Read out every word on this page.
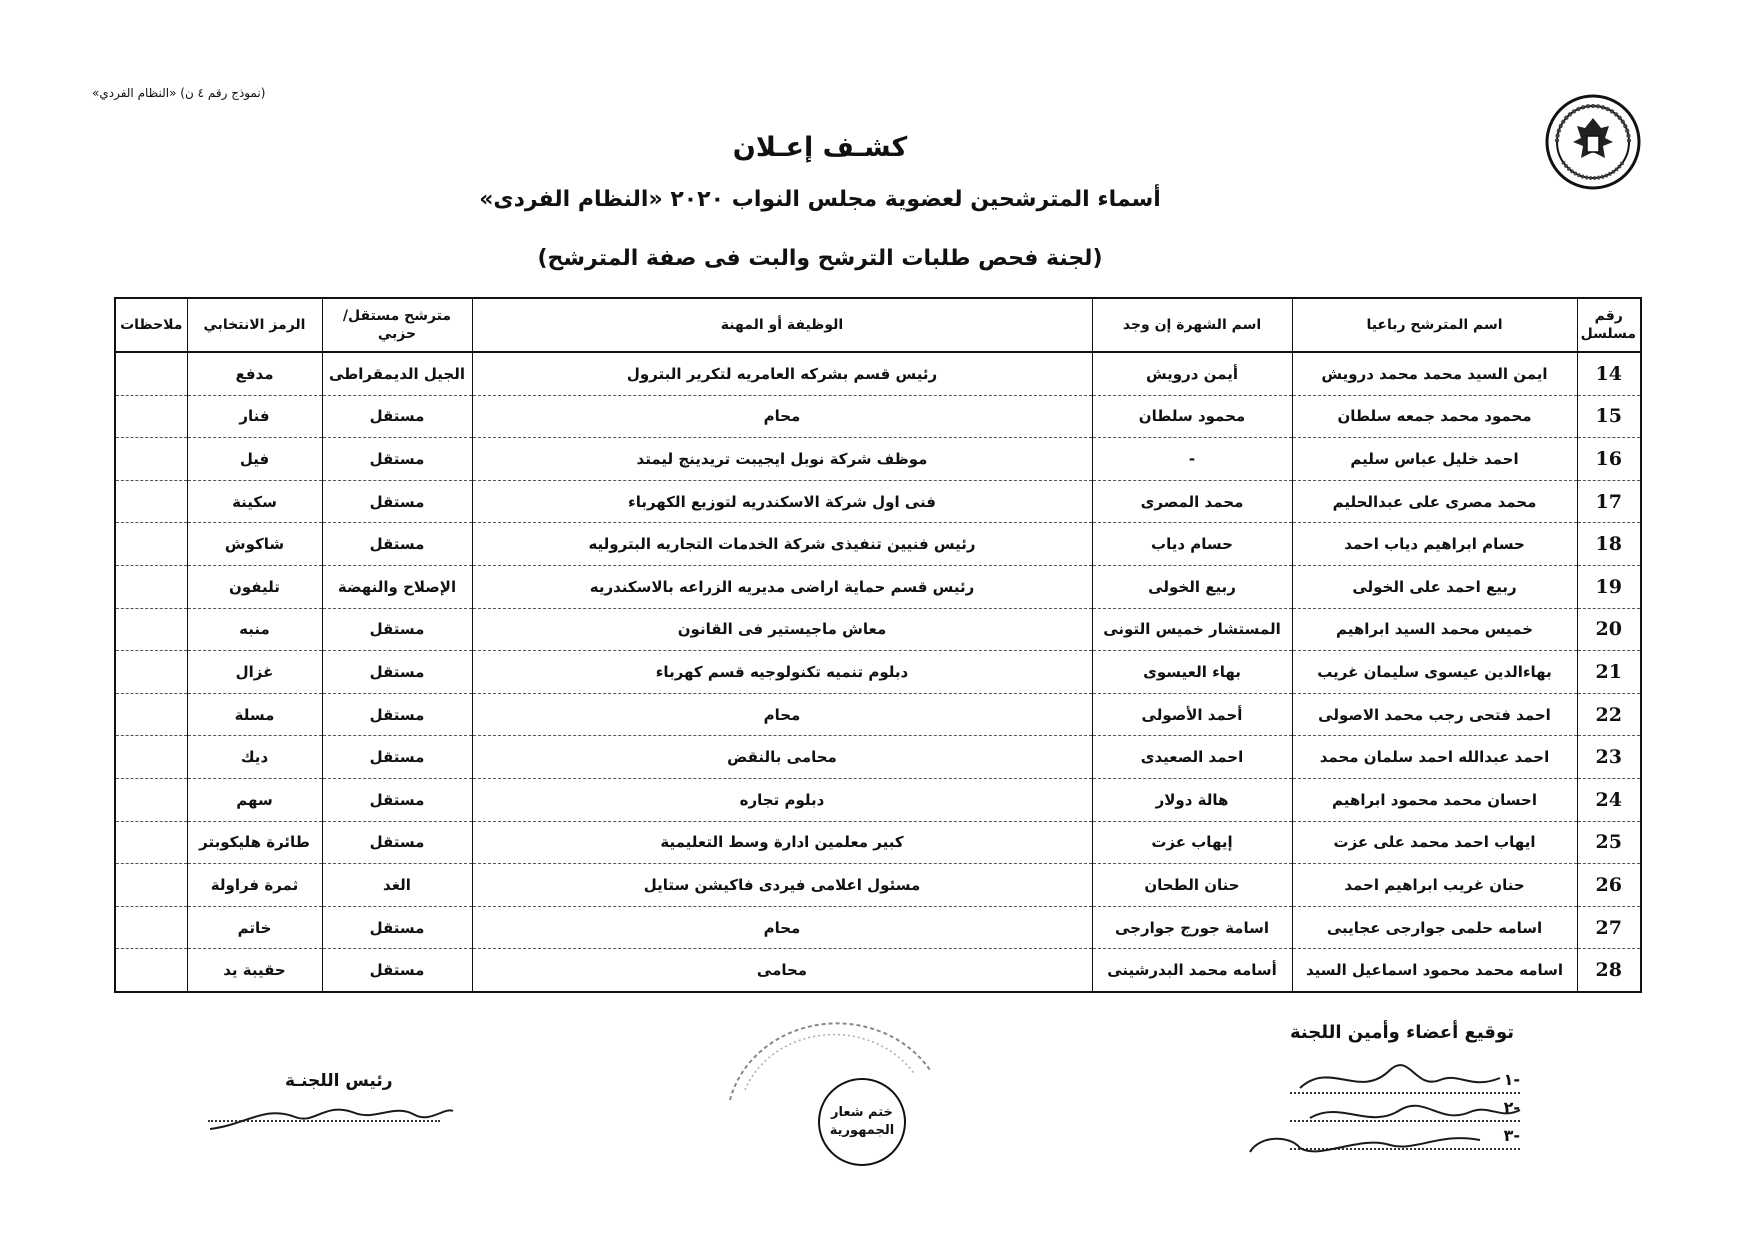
(نموذج رقم ٤ ن) «النظام الفردي»
كشـف إعـلان
أسماء المترشحين لعضوية مجلس النواب ٢٠٢٠ «النظام الفردى»
(لجنة فحص طلبات الترشح والبت فى صفة المترشح)
رقم مسلسل	اسم المترشح رباعيا	اسم الشهرة إن وجد	الوظيفة أو المهنة	مترشح مستقل/حزبي	الرمز الانتخابي	ملاحظات
14	ايمن السيد محمد محمد درويش	أيمن درويش	رئيس قسم بشركه العامريه لتكرير البترول	الجيل الديمقراطى	مدفع	
15	محمود محمد جمعه سلطان	محمود سلطان	محام	مستقل	فنار	
16	احمد خليل عباس سليم	-	موظف شركة نوبل ايجيبت تريدينج ليمتد	مستقل	فيل	
17	محمد مصرى على عبدالحليم	محمد المصرى	فنى اول شركة الاسكندريه لتوزيع الكهرباء	مستقل	سكينة	
18	حسام ابراهيم دياب احمد	حسام دياب	رئيس فنيين تنفيذى شركة الخدمات التجاريه البتروليه	مستقل	شاكوش	
19	ربيع احمد على الخولى	ربيع الخولى	رئيس قسم حماية اراضى مديريه الزراعه بالاسكندريه	الإصلاح والنهضة	تليفون	
20	خميس محمد السيد ابراهيم	المستشار خميس التونى	معاش ماجيستير فى القانون	مستقل	منبه	
21	بهاءالدين عيسوى سليمان غريب	بهاء العيسوى	دبلوم تنميه تكنولوجيه قسم كهرباء	مستقل	غزال	
22	احمد فتحى رجب محمد الاصولى	أحمد الأصولى	محام	مستقل	مسلة	
23	احمد عبدالله احمد سلمان محمد	احمد الصعيدى	محامى بالنقض	مستقل	ديك	
24	احسان محمد محمود ابراهيم	هالة دولار	دبلوم تجاره	مستقل	سهم	
25	ايهاب احمد محمد على عزت	إيهاب عزت	كبير معلمين ادارة وسط التعليمية	مستقل	طائرة هليكوبتر	
26	حنان غريب ابراهيم احمد	حنان الطحان	مسئول اعلامى فيردى فاكيشن ستايل	الغد	ثمرة فراولة	
27	اسامه حلمى جوارجى عجايبى	اسامة جورج جوارجى	محام	مستقل	خاتم	
28	اسامه محمد محمود اسماعيل السيد	أسامه محمد البدرشينى	محامى	مستقل	حقيبة يد	
توقيع أعضاء وأمين اللجنة
-١
-٢
-٣
ختم شعار
الجمهورية
رئيس اللجنـة
